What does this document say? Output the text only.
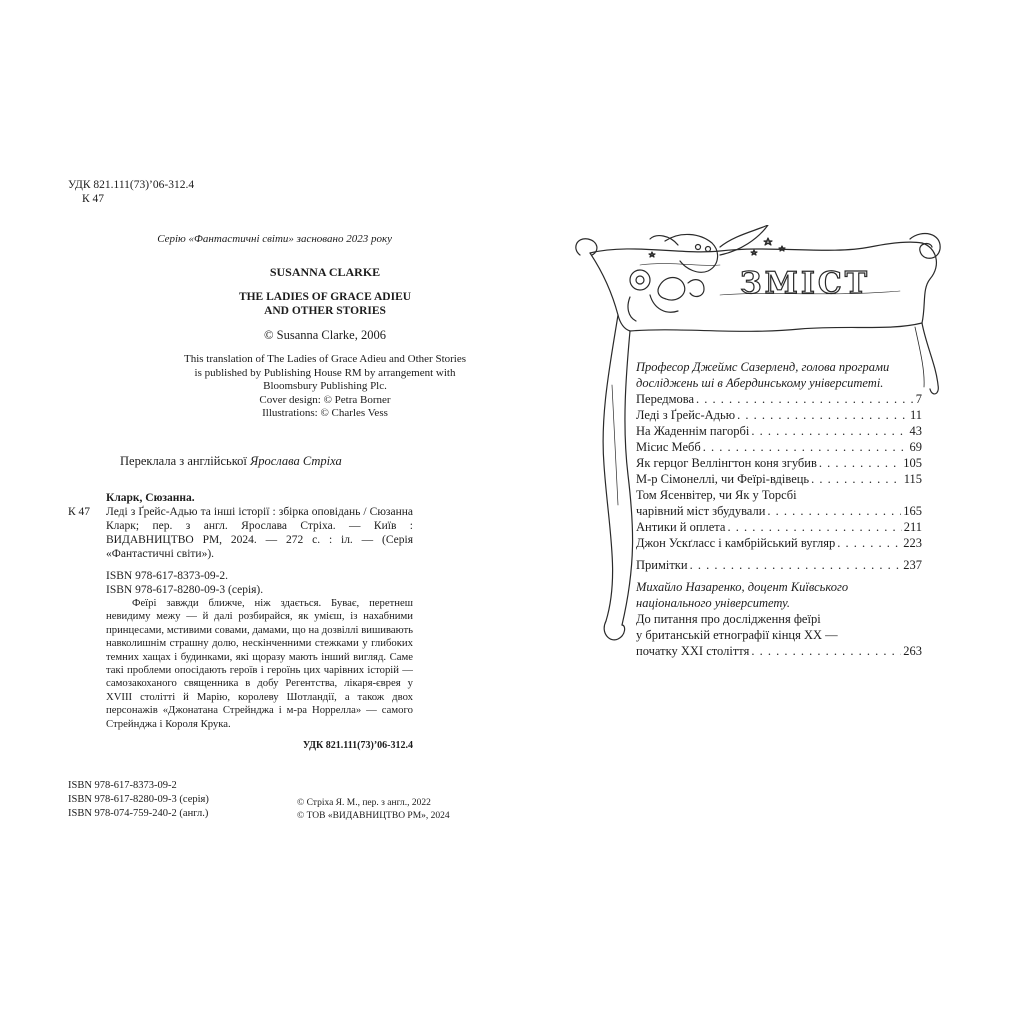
УДК 821.111(73)’06-312.4
К 47
Серію «Фантастичні світи» засновано 2023 року
SUSANNA CLARKE
THE LADIES OF GRACE ADIEU
AND OTHER STORIES
© Susanna Clarke, 2006
This translation of The Ladies of Grace Adieu and Other Stories
is published by Publishing House RM by arrangement with
Bloomsbury Publishing Plc.
Cover design: © Petra Borner
Illustrations: © Charles Vess
Переклала з англійської Ярослава Стріха
Кларк, Сюзанна.
К 47	Леді з Ґрейс-Адью та інші історії : збірка оповідань / Сюзанна Кларк; пер. з англ. Ярослава Стріха. — Київ : ВИДАВНИЦТВО РМ, 2024. — 272 с. : іл. — (Серія «Фантастичні світи»).
ISBN 978-617-8373-09-2.
ISBN 978-617-8280-09-3 (серія).

Феїрі завжди ближче, ніж здається. Буває, перетнеш невидиму межу — й далі розбирайся, як умієш, із нахабними принцесами, мстивими совами, дамами, що на дозвіллі вишивають навколишнім страшну долю, нескінченними стежками у глибоких темних хащах і будинками, які щоразу мають інший вигляд. Саме такі проблеми опосідають героїв і героїнь цих чарівних історій — самозакоханого священника в добу Регентства, лікаря-єврея у XVIII столітті й Марію, королеву Шотландії, а також двох персонажів «Джонатана Стрейнджа і м-ра Норрелла» — самого Стрейнджа і Короля Крука.

УДК 821.111(73)’06-312.4
ISBN 978-617-8373-09-2
ISBN 978-617-8280-09-3 (серія)
ISBN 978-074-759-240-2 (англ.)
© Стріха Я. М., пер. з англ., 2022
© ТОВ «ВИДАВНИЦТВО РМ», 2024
ЗМІСТ
Професор Джеймс Сазерленд, голова програми досліджень ші в Абердинському університеті.
Передмова . . .	7
Леді з Ґрейс-Адью . . .	11
На Жаденнім пагорбі . . .	43
Місис Мебб . . .	69
Як герцог Веллінгтон коня згубив . . .	105
М-р Сімонеллі, чи Феїрі-вдівець . . .	115
Том Ясенвітер, чи Як у Торсбі
чарівний міст збудували . . .	165
Антики й оплета . . .	211
Джон Ускґласс і камбрійський вугляр . . .	223
Примітки . . .	237
Михайло Назаренко, доцент Київського національного університету.
До питання про дослідження феїрі
у британській етнографії кінця ХХ —
початку ХХІ століття . . .	263
